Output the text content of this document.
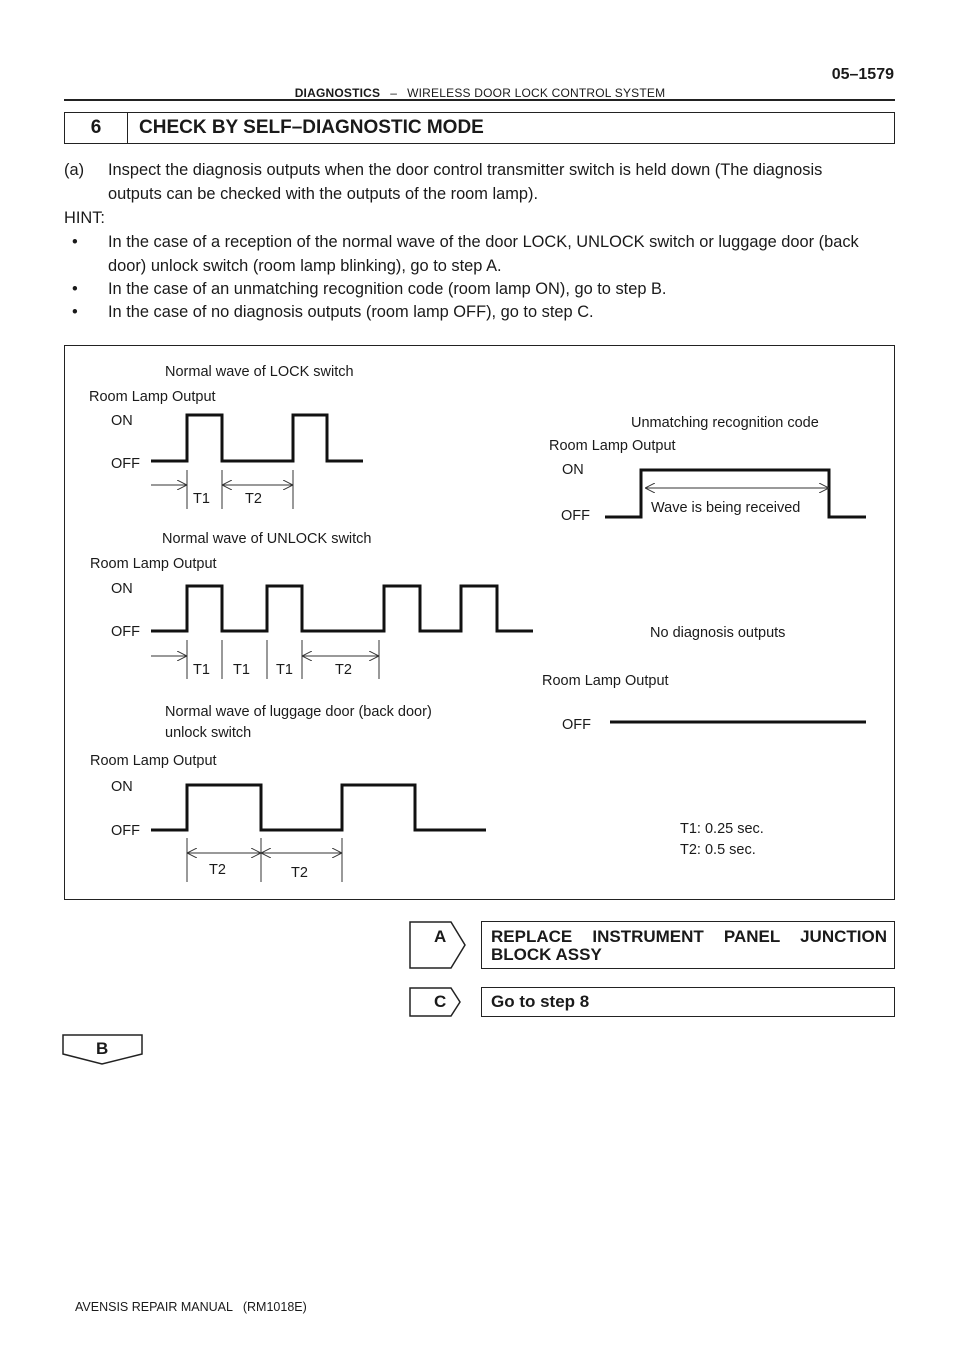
05–1579
DIAGNOSTICS – WIRELESS DOOR LOCK CONTROL SYSTEM
6	CHECK BY SELF–DIAGNOSTIC MODE
(a) Inspect the diagnosis outputs when the door control transmitter switch is held down (The diagnosis
outputs can be checked with the outputs of the room lamp).
HINT:
• In the case of a reception of the normal wave of the door LOCK, UNLOCK switch or luggage door (back
door) unlock switch (room lamp blinking), go to step A.
• In the case of an unmatching recognition code (room lamp ON), go to step B.
• In the case of no diagnosis outputs (room lamp OFF), go to step C.
Normal wave of LOCK switch
Room Lamp Output
ON
OFF
T1 T2
Normal wave of UNLOCK switch
Room Lamp Output
ON
OFF
T1 T1 T1	T2
Normal wave of luggage door (back door)
unlock switch
Room Lamp Output
ON
OFF
T2	T2
Unmatching recognition code
Room Lamp Output
ON
OFF	Wave is being received
No diagnosis outputs
Room Lamp Output
OFF
T1: 0.25 sec.
T2: 0.5 sec.
A	REPLACE INSTRUMENT PANEL JUNCTION
BLOCK ASSY
C	Go to step 8
B
AVENSIS REPAIR MANUAL   (RM1018E)
